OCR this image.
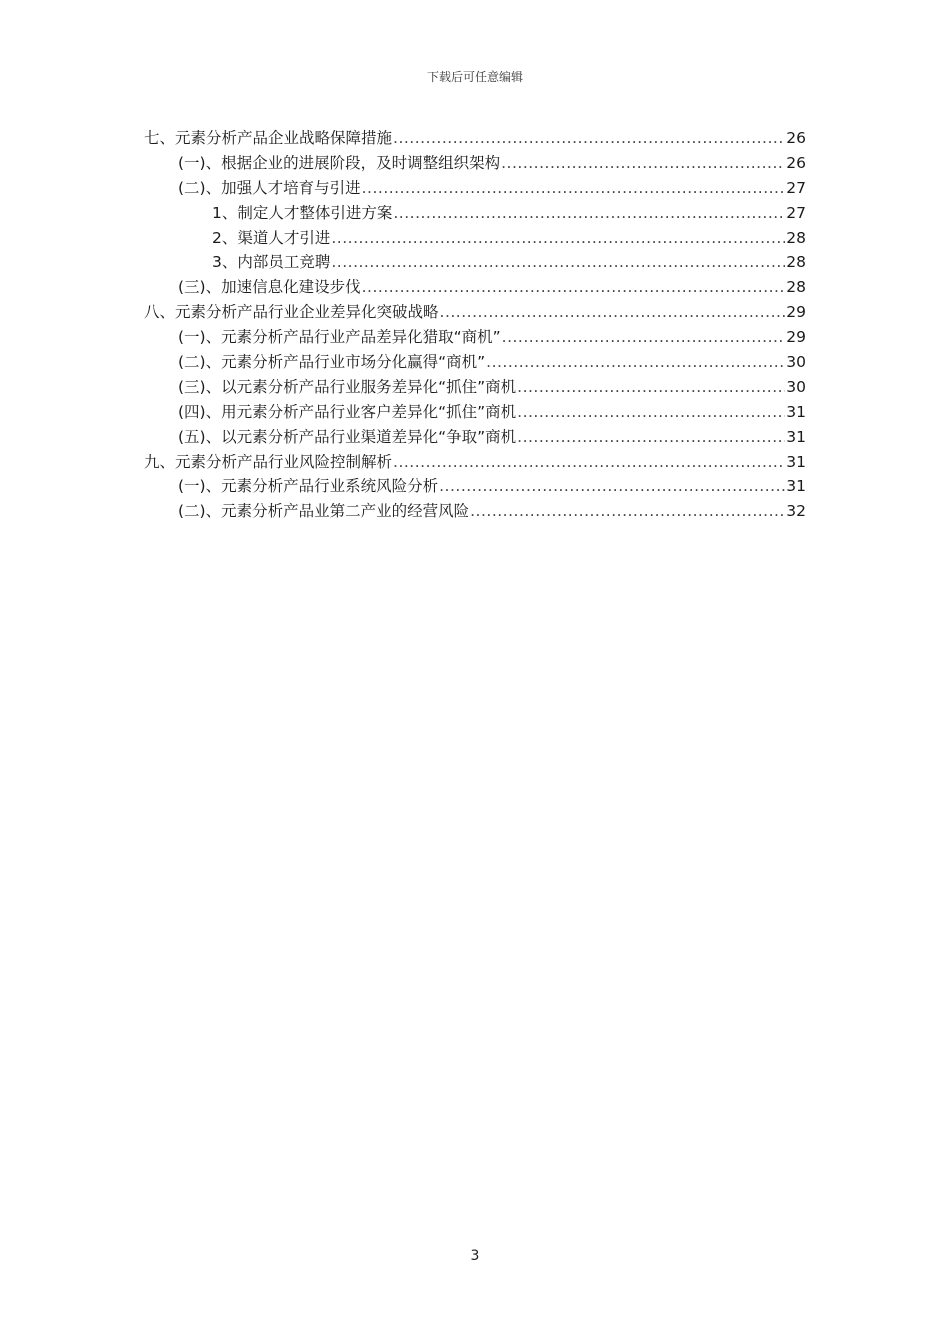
下载后可任意编辑
七、元素分析产品企业战略保障措施 .....	26
(一)、根据企业的进展阶段，及时调整组织架构 .....	26
(二)、加强人才培育与引进 .....	27
1、制定人才整体引进方案 .....	27
2、渠道人才引进 .....	28
3、内部员工竞聘 .....	28
(三)、加速信息化建设步伐 .....	28
八、元素分析产品行业企业差异化突破战略 .....	29
(一)、元素分析产品行业产品差异化猎取“商机” .....	29
(二)、元素分析产品行业市场分化赢得“商机” .....	30
(三)、以元素分析产品行业服务差异化“抓住”商机 .....	30
(四)、用元素分析产品行业客户差异化“抓住”商机 .....	31
(五)、以元素分析产品行业渠道差异化“争取”商机 .....	31
九、元素分析产品行业风险控制解析 .....	31
(一)、元素分析产品行业系统风险分析 .....	31
(二)、元素分析产品业第二产业的经营风险 .....	32
3
